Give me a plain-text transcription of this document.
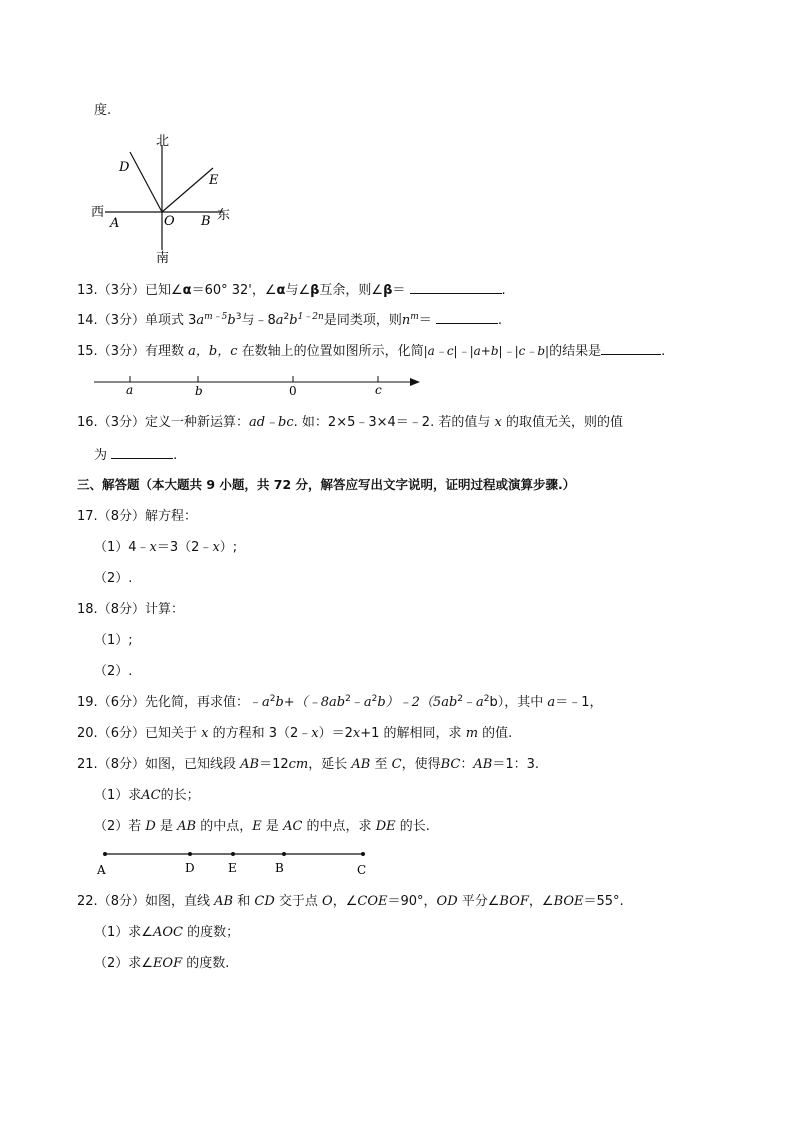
度.
北
南
西	东
D
E
A	O B
13.（3分）已知∠α＝60° 32'，∠α与∠β互余，则∠β＝	.
14.（3分）单项式 $3a^{m﹣5}b^3$与$﹣8a^2b^{1﹣2n}$是同类项，则$n^m=$	.
15.（3分）有理数 a，b，c 在数轴上的位置如图所示，化简|a﹣c|﹣|a+b|﹣|c﹣b|的结果是	.
a	b	0	c
16.（3分）定义一种新运算：ad﹣bc. 如：2×5﹣3×4＝﹣2. 若的值与 x 的取值无关，则的值
为	.
三、解答题（本大题共 9 小题，共 72 分，解答应写出文字说明，证明过程或演算步骤.）
17.（8分）解方程：
（1）4﹣x＝3（2﹣x）;
（2）.
18.（8分）计算：
（1）;
（2）.
19.（6分）先化简，再求值：$﹣a^2b+(﹣8ab^2﹣a^2b)﹣2(5ab^2﹣a^2b)$，其中 a＝﹣1，
20.（6分）已知关于 x 的方程和 3（2﹣x）＝2x+1 的解相同，求 m 的值.
21.（8分）如图，已知线段 AB＝12cm，延长 AB 至 C，使得BC：AB＝1：3.
（1）求AC的长；
（2）若 D 是 AB 的中点，E 是 AC 的中点，求 DE 的长.
A	D	E	B	C
22.（8分）如图，直线 AB 和 CD 交于点 O，∠COE＝90°，OD 平分∠BOF，∠BOE＝55°.
（1）求∠AOC 的度数；
（2）求∠EOF 的度数.
